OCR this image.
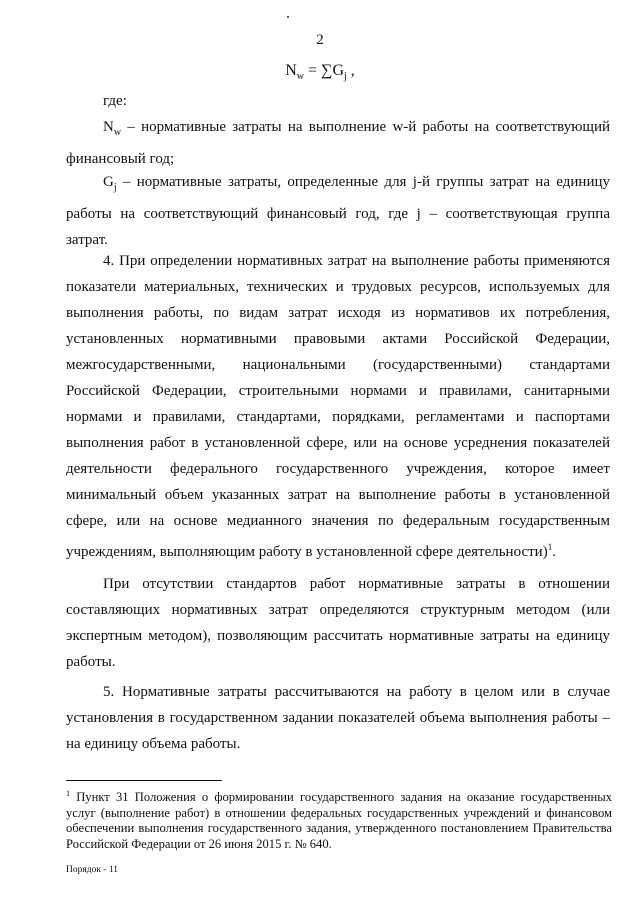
2
$N_w = \sum G_j$ ,

где:

$N_w$ – нормативные затраты на выполнение w-й работы на соответствующий финансовый год;

$G_j$ – нормативные затраты, определенные для j-й группы затрат на единицу работы на соответствующий финансовый год, где j – соответствующая группа затрат.

4. При определении нормативных затрат на выполнение работы применяются показатели материальных, технических и трудовых ресурсов, используемых для выполнения работы, по видам затрат исходя из нормативов их потребления, установленных нормативными правовыми актами Российской Федерации, межгосударственными, национальными (государственными) стандартами Российской Федерации, строительными нормами и правилами, санитарными нормами и правилами, стандартами, порядками, регламентами и паспортами выполнения работ в установленной сфере, или на основе усреднения показателей деятельности федерального государственного учреждения, которое имеет минимальный объем указанных затрат на выполнение работы в установленной сфере, или на основе медианного значения по федеральным государственным учреждениям, выполняющим работу в установленной сфере деятельности)$^1$.

При отсутствии стандартов работ нормативные затраты в отношении составляющих нормативных затрат определяются структурным методом (или экспертным методом), позволяющим рассчитать нормативные затраты на единицу работы.

5. Нормативные затраты рассчитываются на работу в целом или в случае установления в государственном задании показателей объема выполнения работы – на единицу объема работы.

$^1$ Пункт 31 Положения о формировании государственного задания на оказание государственных услуг (выполнение работ) в отношении федеральных государственных учреждений и финансовом обеспечении выполнения государственного задания, утвержденного постановлением Правительства Российской Федерации от 26 июня 2015 г. № 640.

Порядок - 11
